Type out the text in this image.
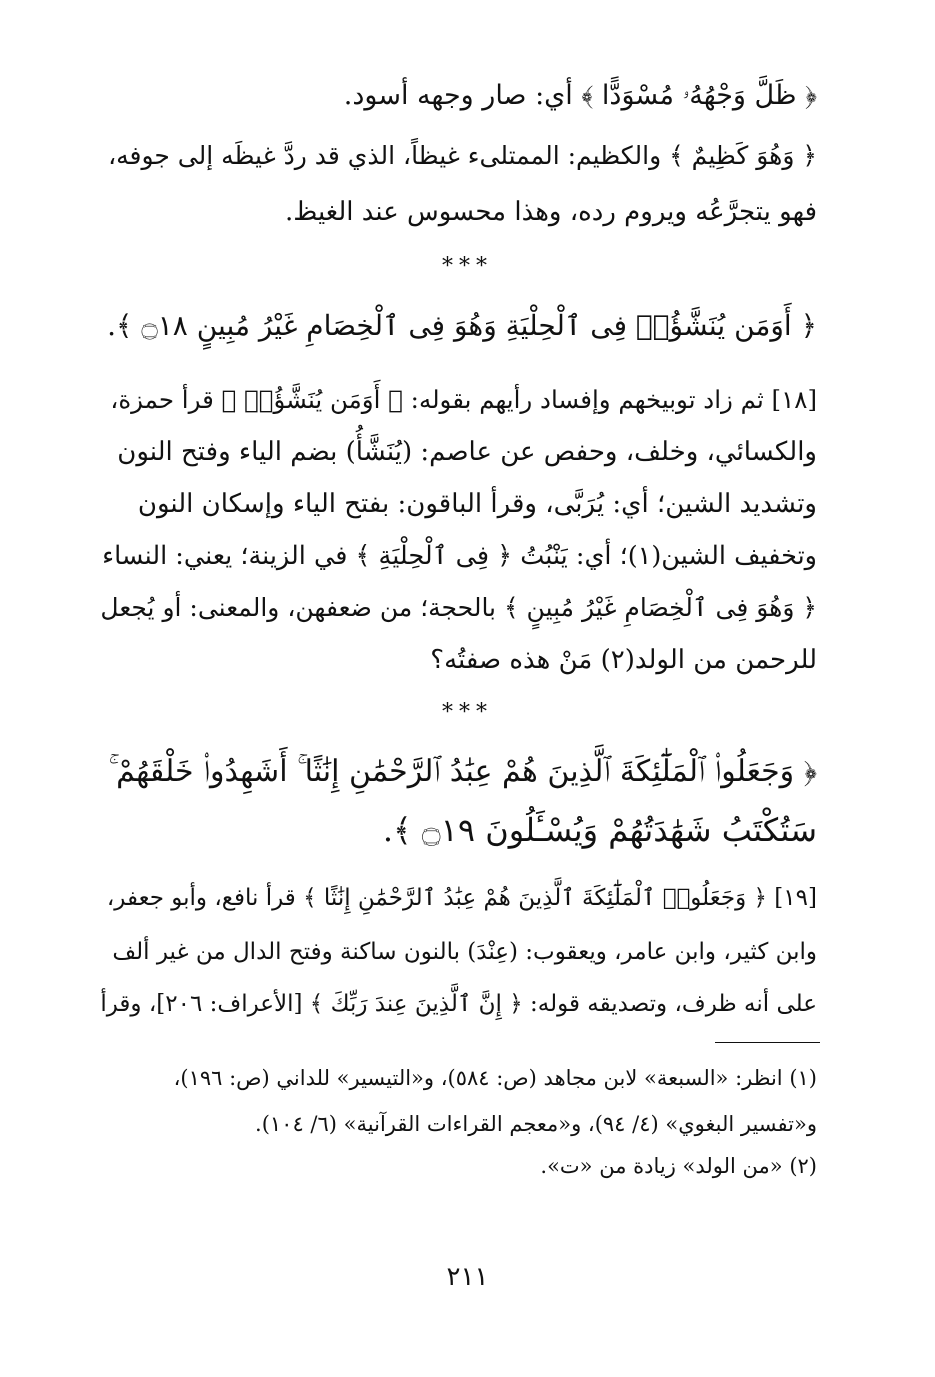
﴿ ظَلَّ وَجْهُهُۥ مُسْوَدًّا ﴾ أي: صار وجهه أسود.
﴿ وَهُوَ كَظِيمٌ ﴾ والكظيم: الممتلىء غيظاً، الذي قد ردَّ غيظَه إلى جوفه،
فهو يتجرَّعُه ويروم رده، وهذا محسوس عند الغيظ.
***
﴿ أَوَمَن يُنَشَّؤُا۟ فِى ٱلْحِلْيَةِ وَهُوَ فِى ٱلْخِصَامِ غَيْرُ مُبِينٍ ۝١٨ ﴾.
[١٨] ثم زاد توبيخهم وإفساد رأيهم بقوله: ﴿ أَوَمَن يُنَشَّؤُا۟ ﴾ قرأ حمزة،
والكسائي، وخلف، وحفص عن عاصم: (يُنَشَّأُ) بضم الياء وفتح النون
وتشديد الشين؛ أي: يُرَبَّى، وقرأ الباقون: بفتح الياء وإسكان النون
وتخفيف الشين(١)؛ أي: يَنْبُتُ ﴿ فِى ٱلْحِلْيَةِ ﴾ في الزينة؛ يعني: النساء
﴿ وَهُوَ فِى ٱلْخِصَامِ غَيْرُ مُبِينٍ ﴾ بالحجة؛ من ضعفهن، والمعنى: أو يُجعل
للرحمن من الولد(٢) مَنْ هذه صفتُه؟
***
﴿ وَجَعَلُوا۟ ٱلْمَلَٰٓئِكَةَ ٱلَّذِينَ هُمْ عِبَٰدُ ٱلرَّحْمَٰنِ إِنَٰثًا ۚ أَشَهِدُوا۟ خَلْقَهُمْ ۚ
سَتُكْتَبُ شَهَٰدَتُهُمْ وَيُسْـَٔلُونَ ۝١٩ ﴾.
[١٩] ﴿ وَجَعَلُوا۟ ٱلْمَلَٰٓئِكَةَ ٱلَّذِينَ هُمْ عِبَٰدُ ٱلرَّحْمَٰنِ إِنَٰثًا ﴾ قرأ نافع، وأبو جعفر،
وابن كثير، وابن عامر، ويعقوب: (عِنْدَ) بالنون ساكنة وفتح الدال من غير ألف
على أنه ظرف، وتصديقه قوله: ﴿ إِنَّ ٱلَّذِينَ عِندَ رَبِّكَ ﴾ [الأعراف: ٢٠٦]، وقرأ
(١) انظر: «السبعة» لابن مجاهد (ص: ٥٨٤)، و«التيسير» للداني (ص: ١٩٦)،
و«تفسير البغوي» (٤/ ٩٤)، و«معجم القراءات القرآنية» (٦/ ١٠٤).
(٢) «من الولد» زيادة من «ت».
٢١١
